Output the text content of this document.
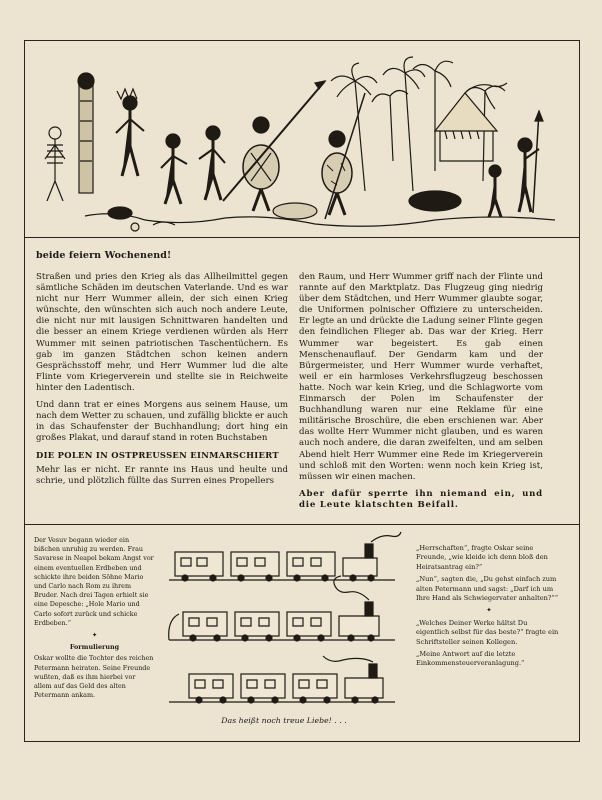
beide feiern Wochenend!

Straßen und pries den Krieg als das Allheilmittel gegen sämtliche Schäden im deutschen Vaterlande. Und es war nicht nur Herr Wummer allein, der sich einen Krieg wünschte, den wünschten sich auch noch andere Leute, die nicht nur mit lausigen Schnittwaren handelten und die besser an einem Kriege verdienen würden als Herr Wummer mit seinen patriotischen Taschentüchern. Es gab im ganzen Städtchen schon keinen andern Gesprächsstoff mehr, und Herr Wummer lud die alte Flinte vom Kriegerverein und stellte sie in Reichweite hinter den Ladentisch.

Und dann trat er eines Morgens aus seinem Hause, um nach dem Wetter zu schauen, und zufällig blickte er auch in das Schaufenster der Buchhandlung; dort hing ein großes Plakat, und darauf stand in roten Buchstaben

DIE POLEN IN OSTPREUSSEN EINMARSCHIERT

Mehr las er nicht. Er rannte ins Haus und heulte und schrie, und plötzlich füllte das Surren eines Propellers

den Raum, und Herr Wummer griff nach der Flinte und rannte auf den Marktplatz. Das Flugzeug ging niedrig über dem Städtchen, und Herr Wummer glaubte sogar, die Uniformen polnischer Offiziere zu unterscheiden. Er legte an und drückte die Ladung seiner Flinte gegen den feindlichen Flieger ab. Das war der Krieg. Herr Wummer war begeistert. Es gab einen Menschenauflauf. Der Gendarm kam und der Bürgermeister, und Herr Wummer wurde verhaftet, weil er ein harmloses Verkehrsflugzeug beschossen hatte. Noch war kein Krieg, und die Schlagworte vom Einmarsch der Polen im Schaufenster der Buchhandlung waren nur eine Reklame für eine militärische Broschüre, die eben erschienen war. Aber das wollte Herr Wummer nicht glauben, und es waren auch noch andere, die daran zweifelten, und am selben Abend hielt Herr Wummer eine Rede im Kriegerverein und schloß mit den Worten: wenn noch kein Krieg ist, müssen wir einen machen.

Aber dafür sperrte ihn niemand ein, und die Leute klatschten Beifall.

Der Vesuv begann wieder ein bißchen unruhig zu werden. Frau Savarese in Neapel bekam Angst vor einem eventuellen Erdbeben und schickte ihre beiden Söhne Mario und Carlo nach Rom zu ihrem Bruder. Nach drei Tagen erhielt sie eine Depesche: „Hole Mario und Carlo sofort zurück und schicke Erdbeben.“

✦
Formulierung

Oskar wollte die Tochter des reichen Petermann heiraten. Seine Freunde wußten, daß es ihm hierbei vor allem auf das Geld des alten Petermann ankam.

Das heißt noch treue Liebe! . . .

„Herrschaften“, fragte Oskar seine Freunde, „wie kleide ich denn bloß den Heiratsantrag ein?“

„Nun“, sagten die, „Du gehst einfach zum alten Petermann und sagst: „Darf ich um Ihre Hand als Schwiegervater anhalten?““

✦

„Welches Deiner Werke hältst Du eigentlich selbst für das beste?“ fragte ein Schriftsteller seinen Kollegen.

„Meine Antwort auf die letzte Einkommensteuerveranlagung.“
